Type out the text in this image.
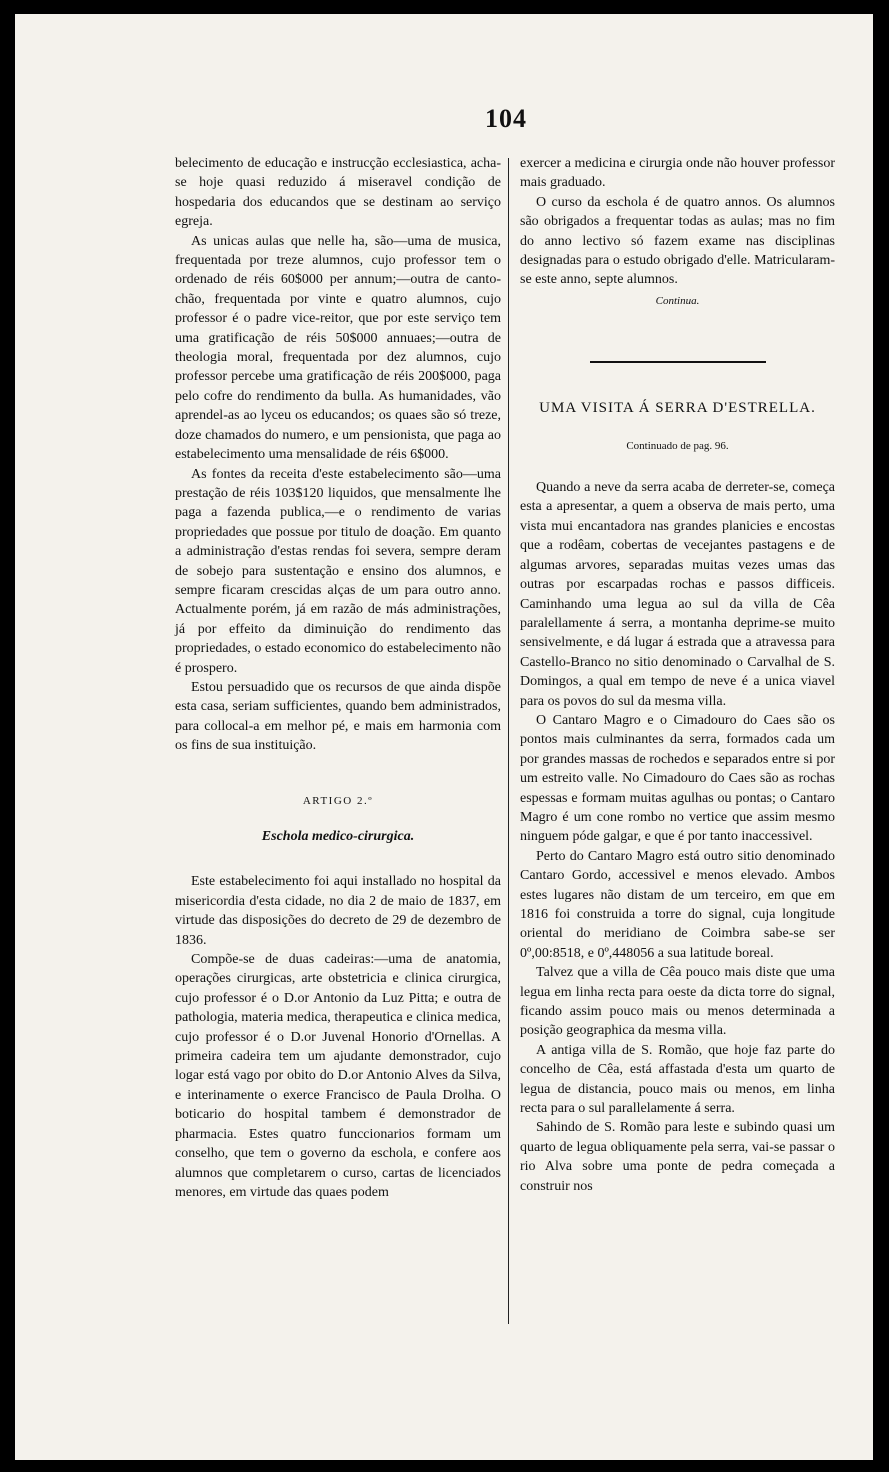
104

belecimento de educação e instrucção ecclesiastica, acha-se hoje quasi reduzido á miseravel condição de hospedaria dos educandos que se destinam ao serviço egreja.

As unicas aulas que nelle ha, são—uma de musica, frequentada por treze alumnos, cujo professor tem o ordenado de réis 60$000 per annum;—outra de canto-chão, frequentada por vinte e quatro alumnos, cujo professor é o padre vice-reitor, que por este serviço tem uma gratificação de réis 50$000 annuaes;—outra de theologia moral, frequentada por dez alumnos, cujo professor percebe uma gratificação de réis 200$000, paga pelo cofre do rendimento da bulla. As humanidades, vão aprendel-as ao lyceu os educandos; os quaes são só treze, doze chamados do numero, e um pensionista, que paga ao estabelecimento uma mensalidade de réis 6$000.

As fontes da receita d'este estabelecimento são—uma prestação de réis 103$120 liquidos, que mensalmente lhe paga a fazenda publica,—e o rendimento de varias propriedades que possue por titulo de doação. Em quanto a administração d'estas rendas foi severa, sempre deram de sobejo para sustentação e ensino dos alumnos, e sempre ficaram crescidas alças de um para outro anno. Actualmente porém, já em razão de más administrações, já por effeito da diminuição do rendimento das propriedades, o estado economico do estabelecimento não é prospero.

Estou persuadido que os recursos de que ainda dispõe esta casa, seriam sufficientes, quando bem administrados, para collocal-a em melhor pé, e mais em harmonia com os fins de sua instituição.

ARTIGO 2.º

Eschola medico-cirurgica.

Este estabelecimento foi aqui installado no hospital da misericordia d'esta cidade, no dia 2 de maio de 1837, em virtude das disposições do decreto de 29 de dezembro de 1836.

Compõe-se de duas cadeiras:—uma de anatomia, operações cirurgicas, arte obstetricia e clinica cirurgica, cujo professor é o D.or Antonio da Luz Pitta; e outra de pathologia, materia medica, therapeutica e clinica medica, cujo professor é o D.or Juvenal Honorio d'Ornellas. A primeira cadeira tem um ajudante demonstrador, cujo logar está vago por obito do D.or Antonio Alves da Silva, e interinamente o exerce Francisco de Paula Drolha. O boticario do hospital tambem é demonstrador de pharmacia. Estes quatro funccionarios formam um conselho, que tem o governo da eschola, e confere aos alumnos que completarem o curso, cartas de licenciados menores, em virtude das quaes podem

exercer a medicina e cirurgia onde não houver professor mais graduado.

O curso da eschola é de quatro annos. Os alumnos são obrigados a frequentar todas as aulas; mas no fim do anno lectivo só fazem exame nas disciplinas designadas para o estudo obrigado d'elle. Matricularam-se este anno, septe alumnos.

Continua.

UMA VISITA Á SERRA D'ESTRELLA.

Continuado de pag. 96.

Quando a neve da serra acaba de derreter-se, começa esta a apresentar, a quem a observa de mais perto, uma vista mui encantadora nas grandes planicies e encostas que a rodêam, cobertas de vecejantes pastagens e de algumas arvores, separadas muitas vezes umas das outras por escarpadas rochas e passos difficeis. Caminhando uma legua ao sul da villa de Cêa paralellamente á serra, a montanha deprime-se muito sensivelmente, e dá lugar á estrada que a atravessa para Castello-Branco no sitio denominado o Carvalhal de S. Domingos, a qual em tempo de neve é a unica viavel para os povos do sul da mesma villa.

O Cantaro Magro e o Cimadouro do Caes são os pontos mais culminantes da serra, formados cada um por grandes massas de rochedos e separados entre si por um estreito valle. No Cimadouro do Caes são as rochas espessas e formam muitas agulhas ou pontas; o Cantaro Magro é um cone rombo no vertice que assim mesmo ninguem póde galgar, e que é por tanto inaccessivel.

Perto do Cantaro Magro está outro sitio denominado Cantaro Gordo, accessivel e menos elevado. Ambos estes lugares não distam de um terceiro, em que em 1816 foi construida a torre do signal, cuja longitude oriental do meridiano de Coimbra sabe-se ser 0º,00:8518, e 0º,448056 a sua latitude boreal.

Talvez que a villa de Cêa pouco mais diste que uma legua em linha recta para oeste da dicta torre do signal, ficando assim pouco mais ou menos determinada a posição geographica da mesma villa.

A antiga villa de S. Romão, que hoje faz parte do concelho de Cêa, está affastada d'esta um quarto de legua de distancia, pouco mais ou menos, em linha recta para o sul parallelamente á serra.

Sahindo de S. Romão para leste e subindo quasi um quarto de legua obliquamente pela serra, vai-se passar o rio Alva sobre uma ponte de pedra começada a construir nos
